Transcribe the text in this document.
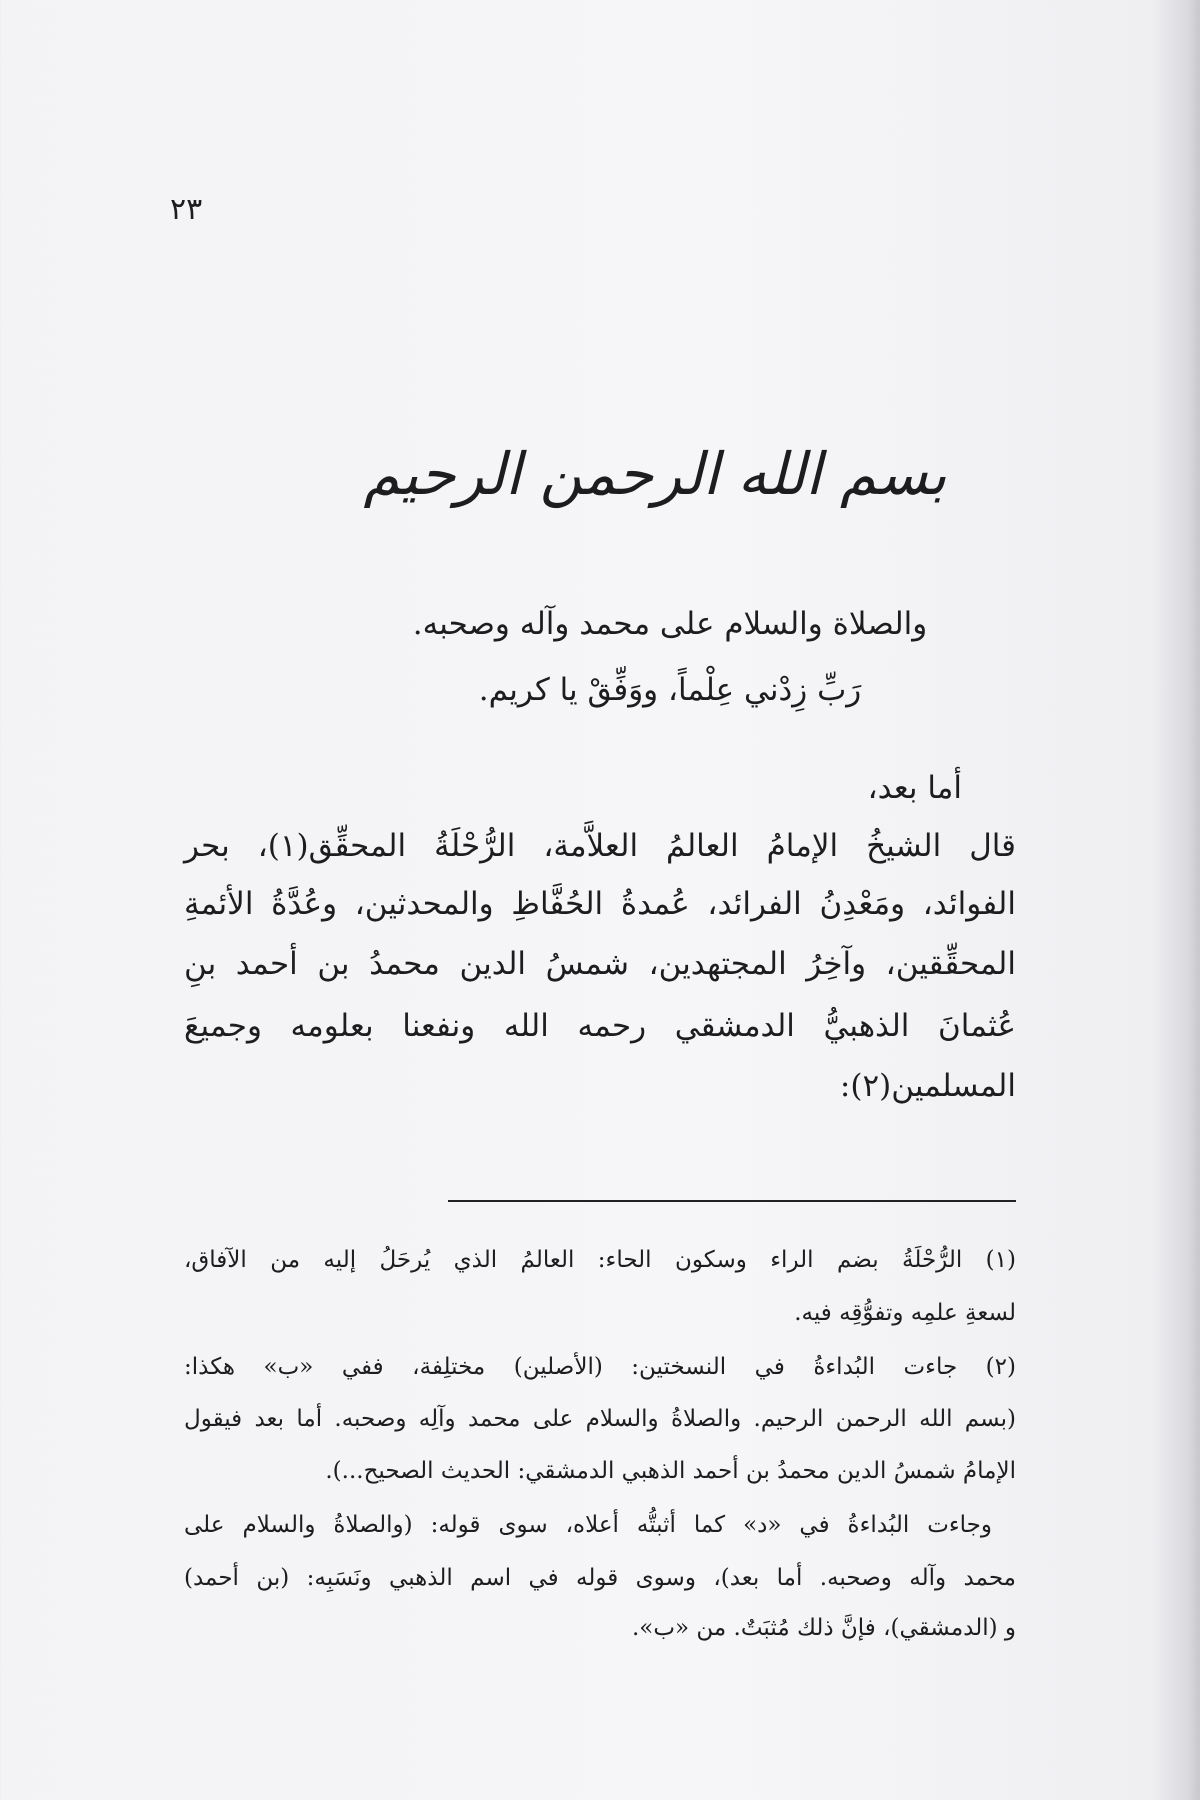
٢٣
بسم الله الرحمن الرحيم
والصلاة والسلام على محمد وآله وصحبه.
رَبِّ زِدْني عِلْماً، ووَفِّقْ يا كريم.
أما بعد،
قال الشيخُ الإمامُ العالمُ العلاَّمة، الرُّحْلَةُ المحقِّق(١)، بحر
الفوائد، ومَعْدِنُ الفرائد، عُمدةُ الحُفَّاظِ والمحدثين، وعُدَّةُ الأئمةِ
المحقِّقين، وآخِرُ المجتهدين، شمسُ الدين محمدُ بن أحمد بنِ
عُثمانَ الذهبيُّ الدمشقي رحمه الله ونفعنا بعلومه وجميعَ
المسلمين(٢):
(١) الرُّحْلَةُ بضم الراء وسكون الحاء: العالمُ الذي يُرحَلُ إليه من الآفاق،
لسعةِ علمِه وتفوُّقِه فيه.
(٢) جاءت البُداءةُ في النسختين: (الأصلين) مختلِفة، ففي «ب» هكذا:
(بسم الله الرحمن الرحيم. والصلاةُ والسلام على محمد وآلِه وصحبه. أما بعد فيقول
الإمامُ شمسُ الدين محمدُ بن أحمد الذهبي الدمشقي: الحديث الصحيح...).
وجاءت البُداءةُ في «د» كما أثبتُّه أعلاه، سوى قوله: (والصلاةُ والسلام على
محمد وآله وصحبه. أما بعد)، وسوى قوله في اسم الذهبي ونَسَبِه: (بن أحمد)
و (الدمشقي)، فإنَّ ذلك مُثبَتٌ. من «ب».
